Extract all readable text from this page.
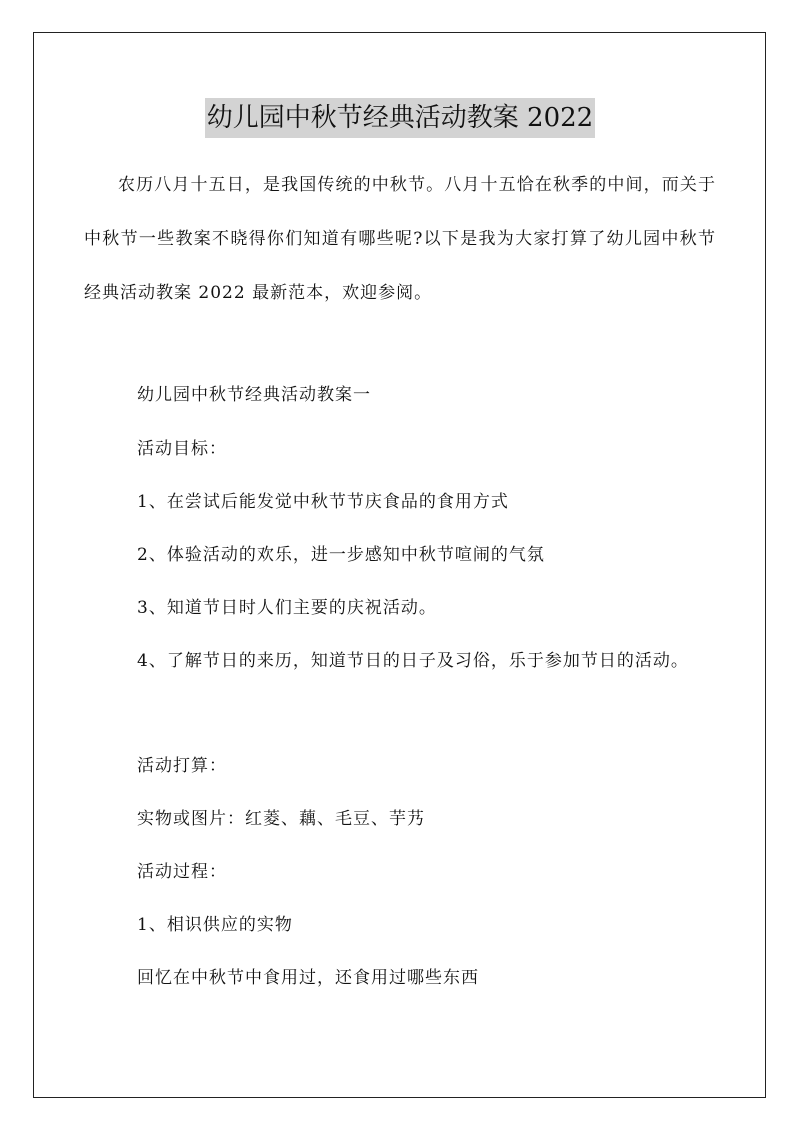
幼儿园中秋节经典活动教案 2022

农历八月十五日，是我国传统的中秋节。八月十五恰在秋季的中间，而关于中秋节一些教案不晓得你们知道有哪些呢?以下是我为大家打算了幼儿园中秋节经典活动教案 2022 最新范本，欢迎参阅。

幼儿园中秋节经典活动教案一

活动目标：

1、在尝试后能发觉中秋节节庆食品的食用方式

2、体验活动的欢乐，进一步感知中秋节喧闹的气氛

3、知道节日时人们主要的庆祝活动。

4、了解节日的来历，知道节日的日子及习俗，乐于参加节日的活动。

活动打算：

实物或图片：红菱、藕、毛豆、芋艿

活动过程：

1、相识供应的实物

回忆在中秋节中食用过，还食用过哪些东西
